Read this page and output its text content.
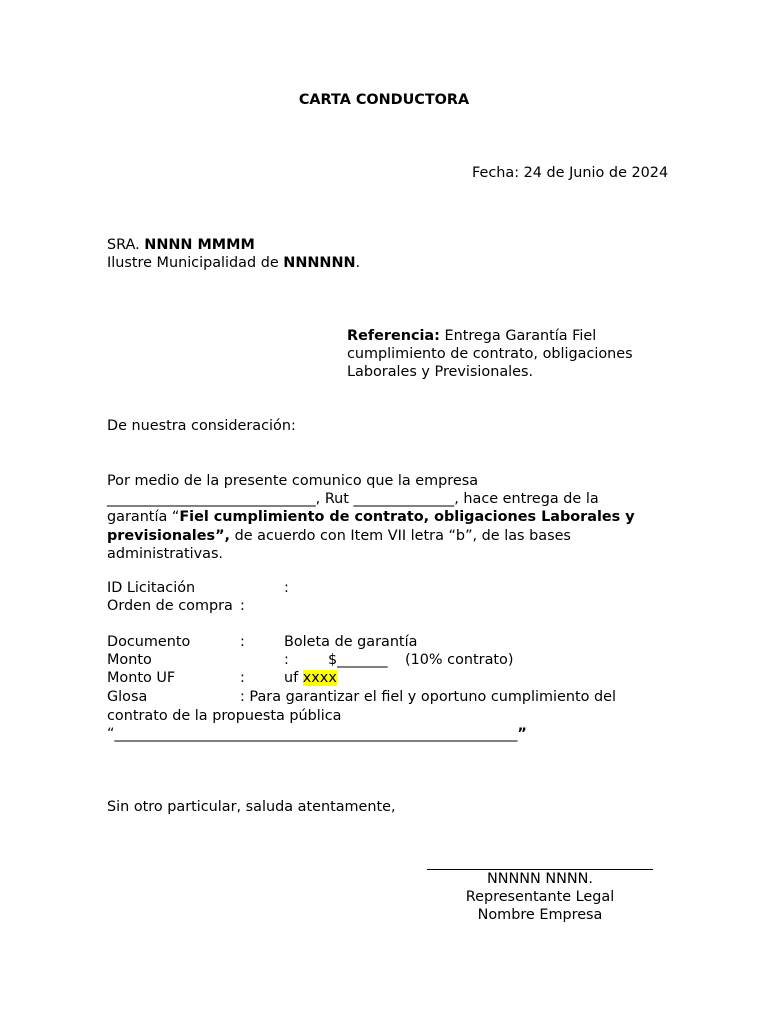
CARTA CONDUCTORA
Fecha: 24 de Junio de 2024
SRA. NNNN MMMM
Ilustre Municipalidad de NNNNNN.
Referencia: Entrega Garantía Fiel
cumplimiento de contrato, obligaciones
Laborales y Previsionales.
De nuestra consideración:
Por medio de la presente comunico que la empresa
_____________________________, Rut ______________, hace entrega de la
garantía “Fiel cumplimiento de contrato, obligaciones Laborales y
previsionales”, de acuerdo con Item VII letra “b”, de las bases
administrativas.
ID Licitación	:
Orden de compra :
Documento	:	Boleta de garantía
Monto	:	$_______ (10% contrato)
Monto UF	:	uf xxxx
Glosa	: Para garantizar el fiel y oportuno cumplimiento del
contrato de la propuesta pública
“________________________________________________________”
Sin otro particular, saluda atentamente,
NNNNN NNNN.
Representante Legal
Nombre Empresa
